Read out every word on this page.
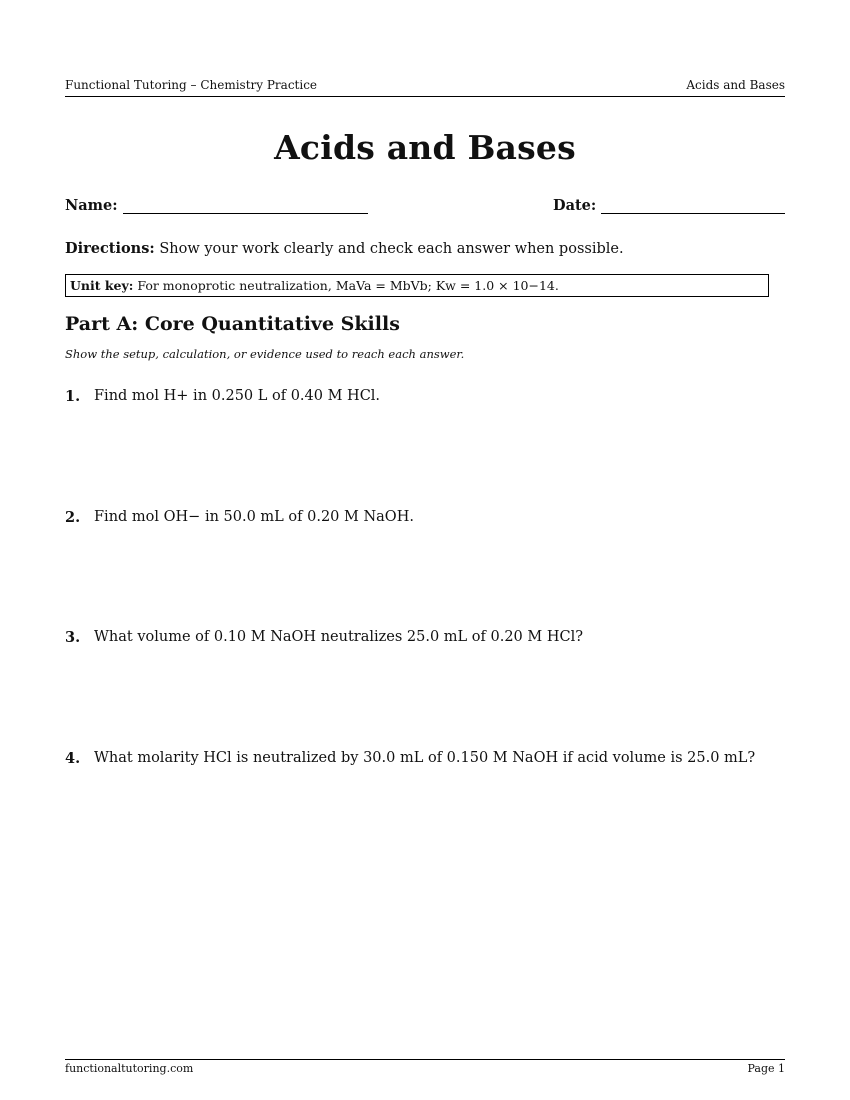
Functional Tutoring – Chemistry Practice	Acids and Bases
Acids and Bases
Name:	Date:
Directions: Show your work clearly and check each answer when possible.
Unit key: For monoprotic neutralization, MaVa = MbVb; Kw = 1.0 × 10−14.
Part A: Core Quantitative Skills
Show the setup, calculation, or evidence used to reach each answer.
1. Find mol H+ in 0.250 L of 0.40 M HCl.
2. Find mol OH− in 50.0 mL of 0.20 M NaOH.
3. What volume of 0.10 M NaOH neutralizes 25.0 mL of 0.20 M HCl?
4. What molarity HCl is neutralized by 30.0 mL of 0.150 M NaOH if acid volume is 25.0 mL?
functionaltutoring.com	Page 1
